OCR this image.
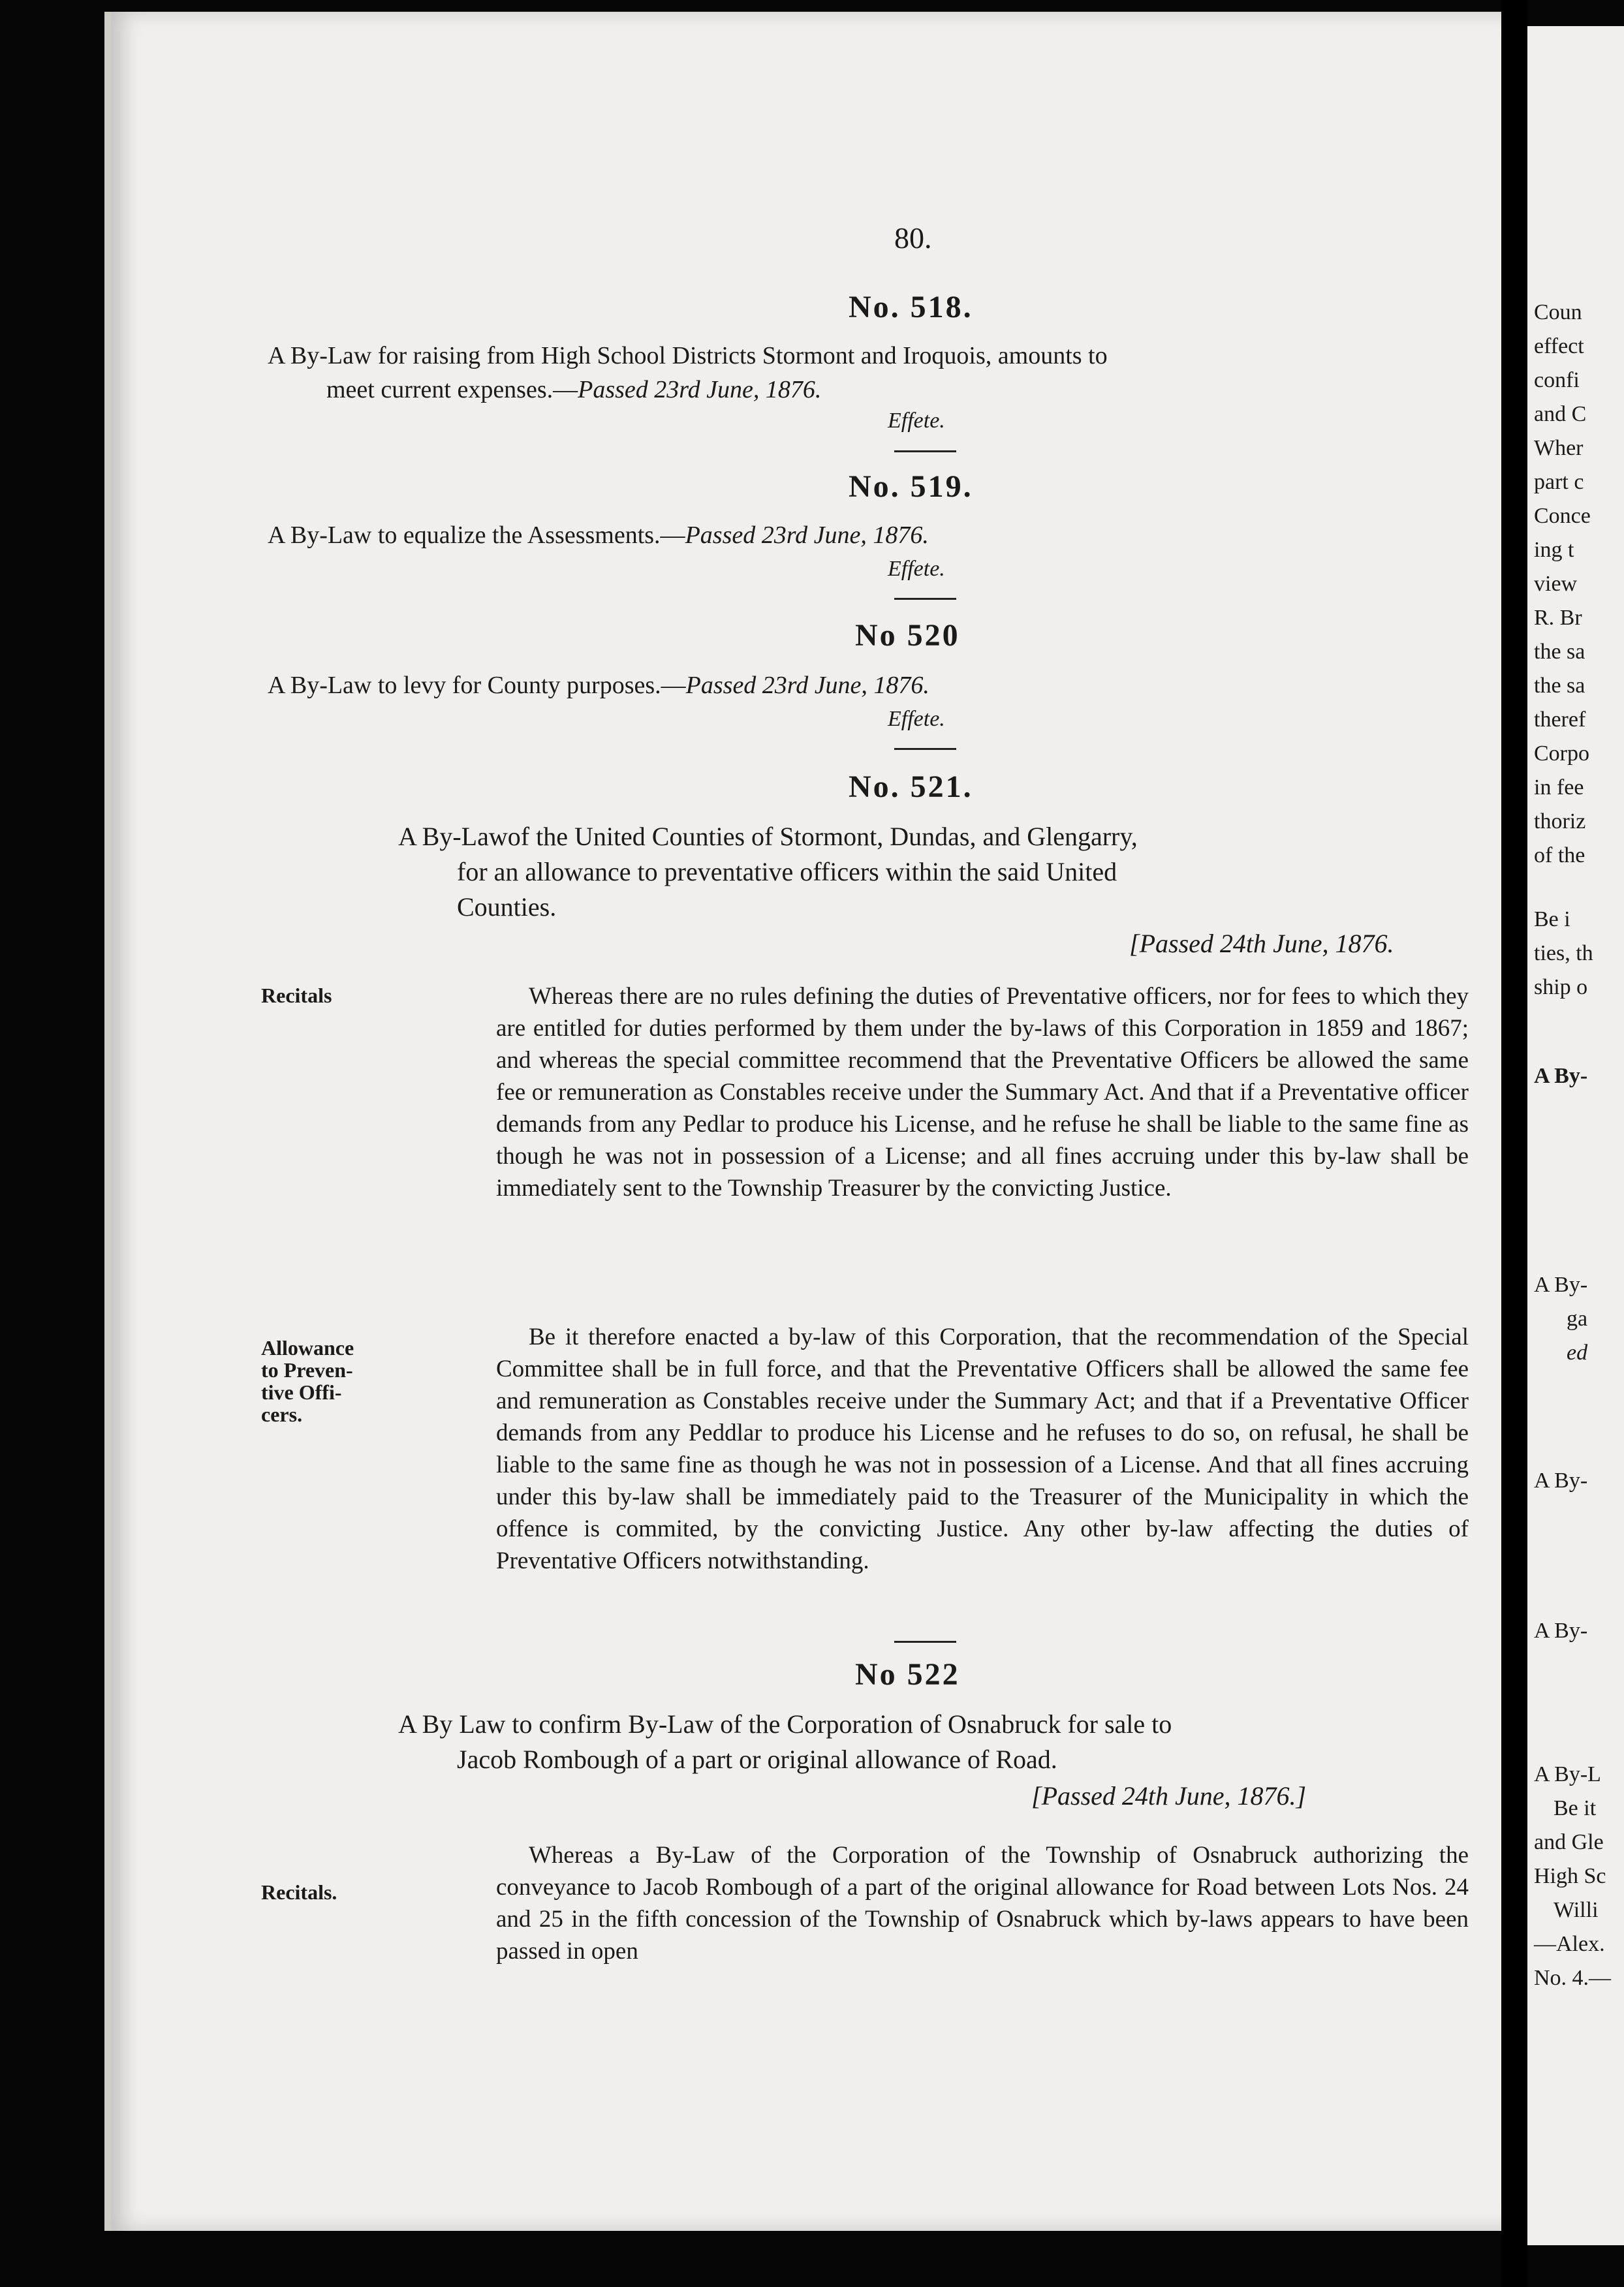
80.
No. 518.
A By-Law for raising from High School Districts Stormont and Iroquois, amounts to
meet current expenses.—Passed 23rd June, 1876.
Effete.
No. 519.
A By-Law to equalize the Assessments.—Passed 23rd June, 1876.
Effete.
No 520
A By-Law to levy for County purposes.—Passed 23rd June, 1876.
Effete.
No. 521.
A By-Lawof the United Counties of Stormont, Dundas, and Glengarry,
for an allowance to preventative officers within the said United
Counties.
[Passed 24th June, 1876.
Recitals	Whereas there are no rules defining the duties of Preventative officers, nor for fees to which they are entitled for duties performed by them under the by-laws of this Corporation in 1859 and 1867; and whereas the special committee recommend that the Preventative Officers be allowed the same fee or remuneration as Constables receive under the Summary Act. And that if a Preventative officer demands from any Pedlar to produce his License, and he refuse he shall be liable to the same fine as though he was not in possession of a License; and all fines accruing under this by-law shall be immediately sent to the Township Treasurer by the convicting Justice.
Allowance
to Preven-
tive Offi-
cers.
Be it therefore enacted a by-law of this Corporation, that the recommendation of the Special Committee shall be in full force, and that the Preventative Officers shall be allowed the same fee and remuneration as Constables receive under the Summary Act; and that if a Preventative Officer demands from any Peddlar to produce his License and he refuses to do so, on refusal, he shall be liable to the same fine as though he was not in possession of a License. And that all fines accruing under this by-law shall be immediately paid to the Treasurer of the Municipality in which the offence is commited, by the convicting Justice. Any other by-law affecting the duties of Preventative Officers notwithstanding.
No 522
A By Law to confirm By-Law of the Corporation of Osnabruck for sale to
Jacob Rombough of a part or original allowance of Road.
[Passed 24th June, 1876.]
Recitals.
Whereas a By-Law of the Corporation of the Township of Osnabruck authorizing the conveyance to Jacob Rombough of a part of the original allowance for Road between Lots Nos. 24 and 25 in the fifth concession of the Township of Osnabruck which by-laws appears to have been passed in open
Coun
effect
confi
and C
Wher
part c
Conce
ing t
view
R. Br
the sa
the sa
theref
Corpo
in fee
thoriz
of the
Be i
ties, th
ship o
A By-
A By-
ga
ed
A By-
A By-
A By-L
Be it
and Gle
High Sc
Willi
—Alex.
No. 4.—
